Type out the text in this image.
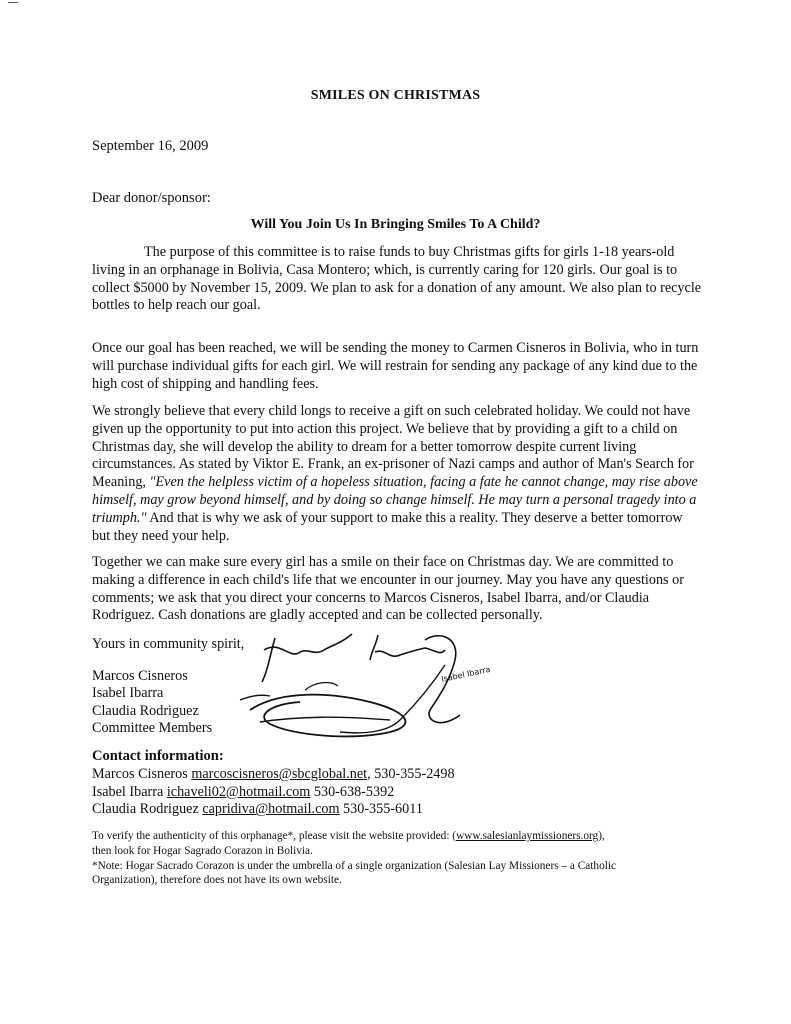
SMILES ON CHRISTMAS
September 16, 2009
Dear donor/sponsor:
Will You Join Us In Bringing Smiles To A Child?
The purpose of this committee is to raise funds to buy Christmas gifts for girls 1-18 years-old living in an orphanage in Bolivia, Casa Montero; which, is currently caring for 120 girls. Our goal is to collect $5000 by November 15, 2009. We plan to ask for a donation of any amount. We also plan to recycle bottles to help reach our goal.
Once our goal has been reached, we will be sending the money to Carmen Cisneros in Bolivia, who in turn will purchase individual gifts for each girl. We will restrain for sending any package of any kind due to the high cost of shipping and handling fees.
We strongly believe that every child longs to receive a gift on such celebrated holiday. We could not have given up the opportunity to put into action this project. We believe that by providing a gift to a child on Christmas day, she will develop the ability to dream for a better tomorrow despite current living circumstances. As stated by Viktor E. Frank, an ex-prisoner of Nazi camps and author of Man's Search for Meaning, "Even the helpless victim of a hopeless situation, facing a fate he cannot change, may rise above himself, may grow beyond himself, and by doing so change himself. He may turn a personal tragedy into a triumph." And that is why we ask of your support to make this a reality. They deserve a better tomorrow but they need your help.
Together we can make sure every girl has a smile on their face on Christmas day. We are committed to making a difference in each child's life that we encounter in our journey. May you have any questions or comments; we ask that you direct your concerns to Marcos Cisneros, Isabel Ibarra, and/or Claudia Rodriguez. Cash donations are gladly accepted and can be collected personally.
Yours in community spirit,
Marcos Cisneros
Isabel Ibarra
Claudia Rodriguez
Committee Members
Isabel Ibarra
Contact information:
Marcos Cisneros marcoscisneros@sbcglobal.net, 530-355-2498
Isabel Ibarra ichaveli02@hotmail.com 530-638-5392
Claudia Rodriguez capridiva@hotmail.com 530-355-6011
To verify the authenticity of this orphanage*, please visit the website provided: (www.salesianlaymissioners.org),
then look for Hogar Sagrado Corazon in Bolivia.
*Note: Hogar Sacrado Corazon is under the umbrella of a single organization (Salesian Lay Missioners – a Catholic
Organization), therefore does not have its own website.
